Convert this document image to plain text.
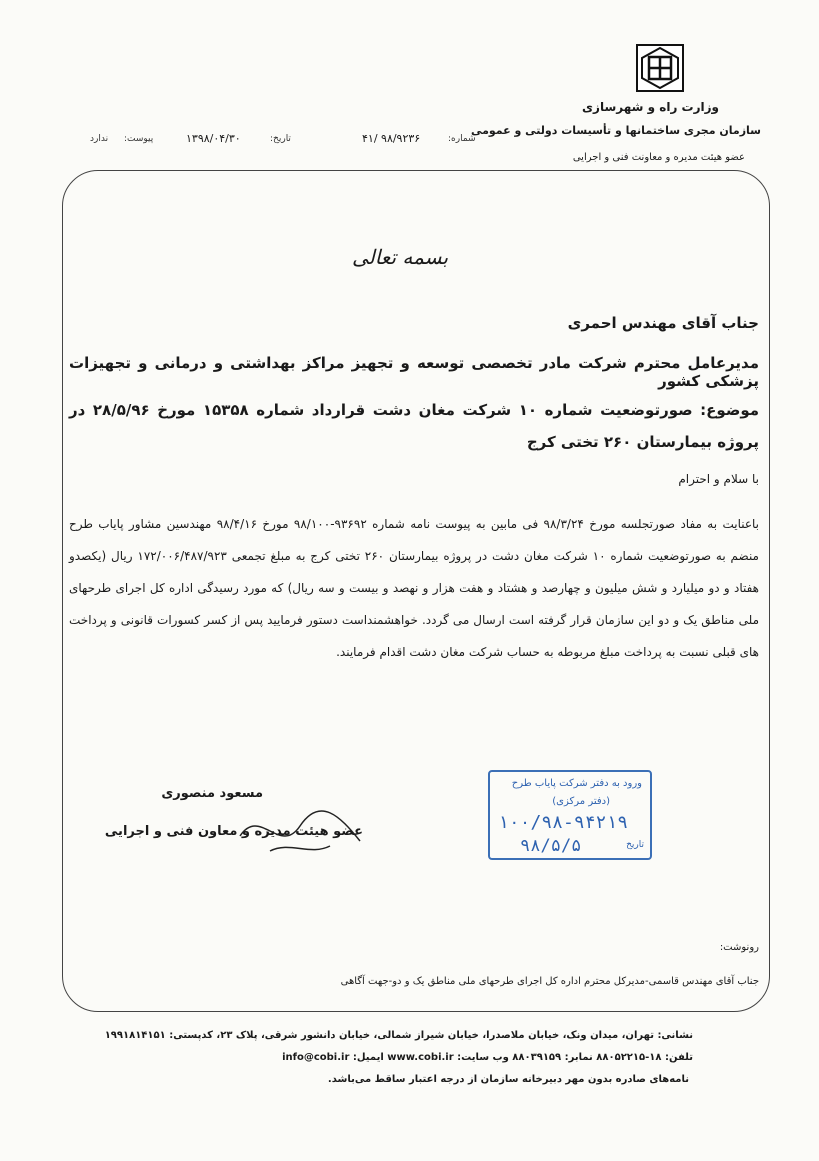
وزارت راه و شهرسازی
سازمان مجری ساختمانها و تأسیسات دولتی و عمومی
عضو هیئت مدیره و معاونت فنی و اجرایی
شماره:
۹۸/۹۲۳۶ /۴۱
تاریخ:
۱۳۹۸/۰۴/۳۰
پیوست:
ندارد
بسمه تعالی
جناب آقای مهندس احمری
مدیرعامل محترم شرکت مادر تخصصی توسعه و تجهیز مراکز بهداشتی و درمانی و تجهیزات پزشکی کشور
موضوع: صورتوضعیت شماره ۱۰ شرکت مغان دشت قرارداد شماره ۱۵۳۵۸ مورخ ۲۸/۵/۹۶ در پروژه بیمارستان ۲۶۰ تختی کرج
با سلام و احترام
باعنایت به مفاد صورتجلسه مورخ ۹۸/۳/۲۴ فی مابین به پیوست نامه شماره ۹۳۶۹۲-۹۸/۱۰۰ مورخ ۹۸/۴/۱۶ مهندسین مشاور پایاب طرح منضم به صورتوضعیت شماره ۱۰ شرکت مغان دشت در پروژه بیمارستان ۲۶۰ تختی کرج به مبلغ تجمعی ۱۷۲/۰۰۶/۴۸۷/۹۲۳ ریال (یکصدو هفتاد و دو میلیارد و شش میلیون و چهارصد و هشتاد و هفت هزار و نهصد و بیست و سه ریال) که مورد رسیدگی اداره کل اجرای طرحهای ملی مناطق یک و دو این سازمان قرار گرفته است ارسال می گردد. خواهشمنداست دستور فرمایید پس از کسر کسورات قانونی و پرداخت های قبلی نسبت به پرداخت مبلغ مربوطه به حساب شرکت مغان دشت اقدام فرمایند.
مسعود منصوری
عضو هیئت مدیره و معاون فنی و اجرایی
ورود به دفتر شرکت پایاب طرح
(دفتر مرکزی)
۱۰۰/۹۸-۹۴۲۱۹
۹۸/۵/۵	تاریخ
رونوشت:
جناب آقای مهندس قاسمی-مدیرکل محترم اداره کل اجرای طرحهای ملی مناطق یک و دو-جهت آگاهی
نشانی: تهران، میدان ونک، خیابان ملاصدرا، خیابان شیراز شمالی، خیابان دانشور شرقی، پلاک ۲۳، کدپستی: ۱۹۹۱۸۱۴۱۵۱
تلفن: ۱۸-۸۸۰۵۲۲۱۵ نمابر: ۸۸۰۳۹۱۵۹ وب سایت: www.cobi.ir ایمیل: info@cobi.ir
نامه‌های صادره بدون مهر دبیرخانه سازمان از درجه اعتبار ساقط می‌باشد.
